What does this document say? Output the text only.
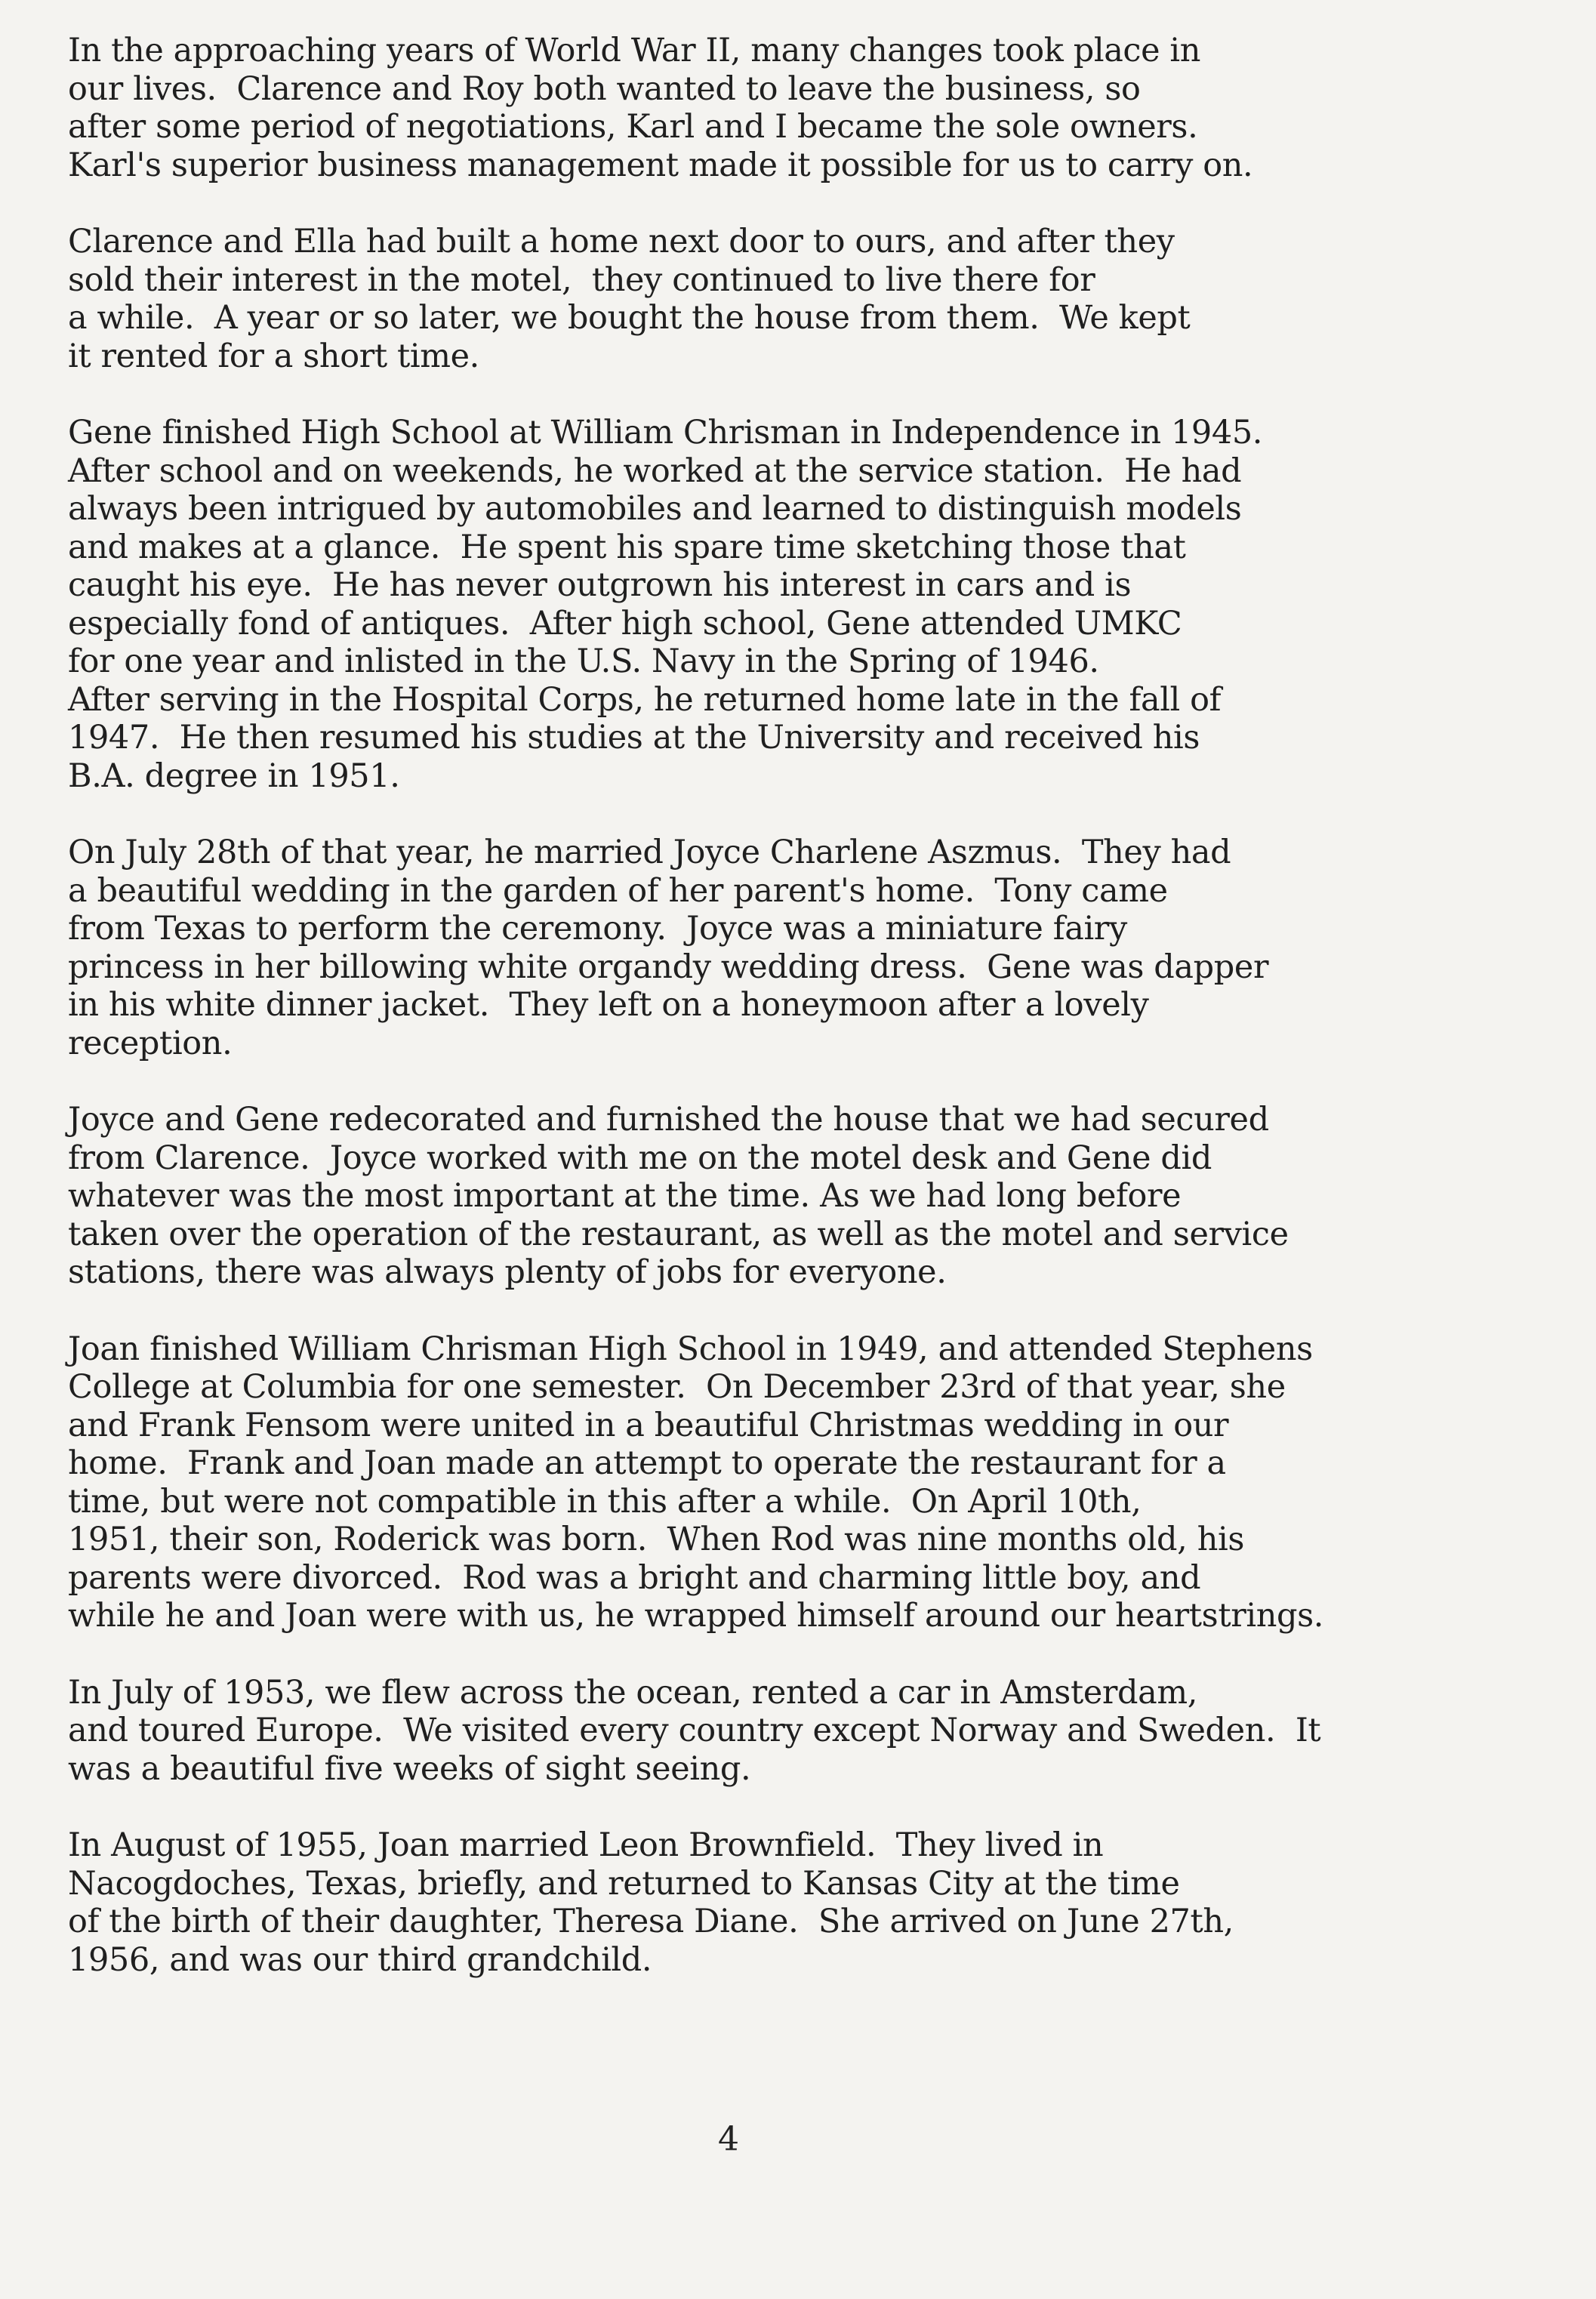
In the approaching years of World War II, many changes took place in
our lives.  Clarence and Roy both wanted to leave the business, so
after some period of negotiations, Karl and I became the sole owners.
Karl's superior business management made it possible for us to carry on.
Clarence and Ella had built a home next door to ours, and after they
sold their interest in the motel,  they continued to live there for
a while.  A year or so later, we bought the house from them.  We kept
it rented for a short time.
Gene finished High School at William Chrisman in Independence in 1945.
After school and on weekends, he worked at the service station.  He had
always been intrigued by automobiles and learned to distinguish models
and makes at a glance.  He spent his spare time sketching those that
caught his eye.  He has never outgrown his interest in cars and is
especially fond of antiques.  After high school, Gene attended UMKC
for one year and inlisted in the U.S. Navy in the Spring of 1946.
After serving in the Hospital Corps, he returned home late in the fall of
1947.  He then resumed his studies at the University and received his
B.A. degree in 1951.
On July 28th of that year, he married Joyce Charlene Aszmus.  They had
a beautiful wedding in the garden of her parent's home.  Tony came
from Texas to perform the ceremony.  Joyce was a miniature fairy
princess in her billowing white organdy wedding dress.  Gene was dapper
in his white dinner jacket.  They left on a honeymoon after a lovely
reception.
Joyce and Gene redecorated and furnished the house that we had secured
from Clarence.  Joyce worked with me on the motel desk and Gene did
whatever was the most important at the time. As we had long before
taken over the operation of the restaurant, as well as the motel and service
stations, there was always plenty of jobs for everyone.
Joan finished William Chrisman High School in 1949, and attended Stephens
College at Columbia for one semester.  On December 23rd of that year, she
and Frank Fensom were united in a beautiful Christmas wedding in our
home.  Frank and Joan made an attempt to operate the restaurant for a
time, but were not compatible in this after a while.  On April 10th,
1951, their son, Roderick was born.  When Rod was nine months old, his
parents were divorced.  Rod was a bright and charming little boy, and
while he and Joan were with us, he wrapped himself around our heartstrings.
In July of 1953, we flew across the ocean, rented a car in Amsterdam,
and toured Europe.  We visited every country except Norway and Sweden.  It
was a beautiful five weeks of sight seeing.
In August of 1955, Joan married Leon Brownfield.  They lived in
Nacogdoches, Texas, briefly, and returned to Kansas City at the time
of the birth of their daughter, Theresa Diane.  She arrived on June 27th,
1956, and was our third grandchild.
4
